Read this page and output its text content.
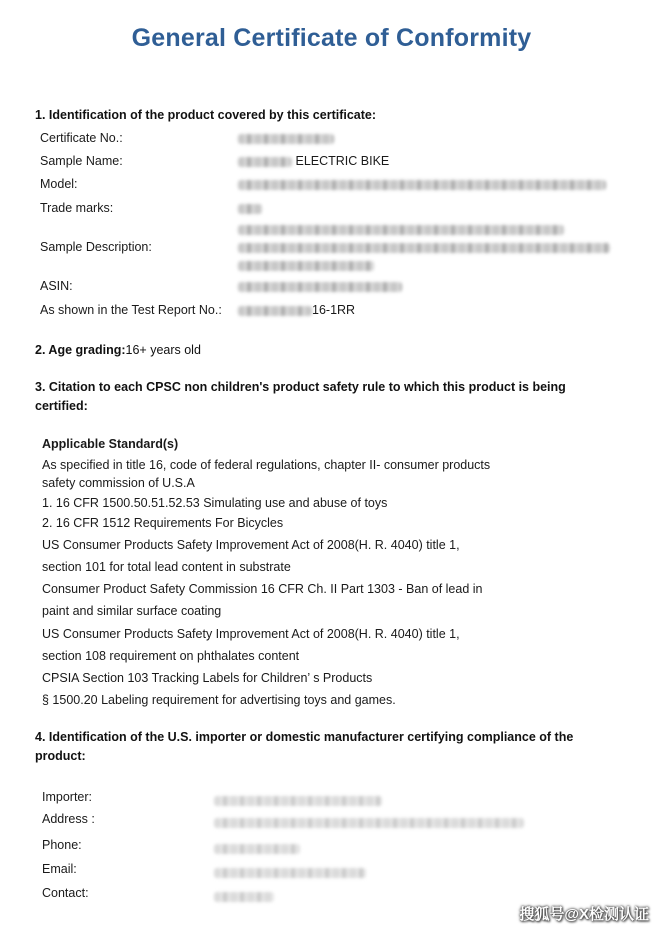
General Certificate of Conformity
1. Identification of the product covered by this certificate:
Certificate No.:
Sample Name:	ELECTRIC BIKE
Model:
Trade marks:
Sample Description:
ASIN:
As shown in the Test Report No.:	16-1RR
2. Age grading:16+ years old
3. Citation to each CPSC non children's product safety rule to which this product is being
certified:
Applicable Standard(s)
As specified in title 16, code of federal regulations, chapter II- consumer products
safety commission of U.S.A
1. 16 CFR 1500.50.51.52.53 Simulating use and abuse of toys
2. 16 CFR 1512 Requirements For Bicycles
US Consumer Products Safety Improvement Act of 2008(H. R. 4040) title 1,
section 101 for total lead content in substrate
Consumer Product Safety Commission 16 CFR Ch. II Part 1303 - Ban of lead in
paint and similar surface coating
US Consumer Products Safety Improvement Act of 2008(H. R. 4040) title 1,
section 108 requirement on phthalates content
CPSIA Section 103 Tracking Labels for Children’ s Products
§ 1500.20 Labeling requirement for advertising toys and games.
4. Identification of the U.S. importer or domestic manufacturer certifying compliance of the
product:
Importer:
Address :
Phone:
Email:
Contact:
搜狐号@X检测认证
